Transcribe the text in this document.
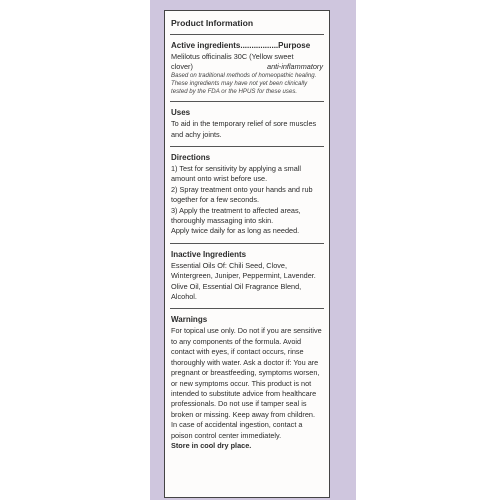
Product Information
Active ingredients.................Purpose
Melilotus officinalis 30C (Yellow sweet
clover)	anti-inflammatory
Based on traditional methods of homeopathic healing. These ingredients may have not yet been clinically tested by the FDA or the HPUS for these uses.
Uses
To aid in the temporary relief of sore muscles and achy joints.
Directions
1) Test for sensitivity by applying a small amount onto wrist before use.
2) Spray treatment onto your hands and rub together for a few seconds.
3) Apply the treatment to affected areas, thoroughly massaging into skin.
Apply twice daily for as long as needed.
Inactive Ingredients
Essential Oils Of: Chili Seed, Clove, Wintergreen, Juniper, Peppermint, Lavender. Olive Oil, Essential Oil Fragrance Blend, Alcohol.
Warnings
For topical use only. Do not if you are sensitive to any components of the formula. Avoid contact with eyes, if contact occurs, rinse thoroughly with water. Ask a doctor if: You are pregnant or breastfeeding, symptoms worsen, or new symptoms occur. This product is not intended to substitute advice from healthcare professionals. Do not use if tamper seal is broken or missing. Keep away from children. In case of accidental ingestion, contact a poison control center immediately.
Store in cool dry place.
